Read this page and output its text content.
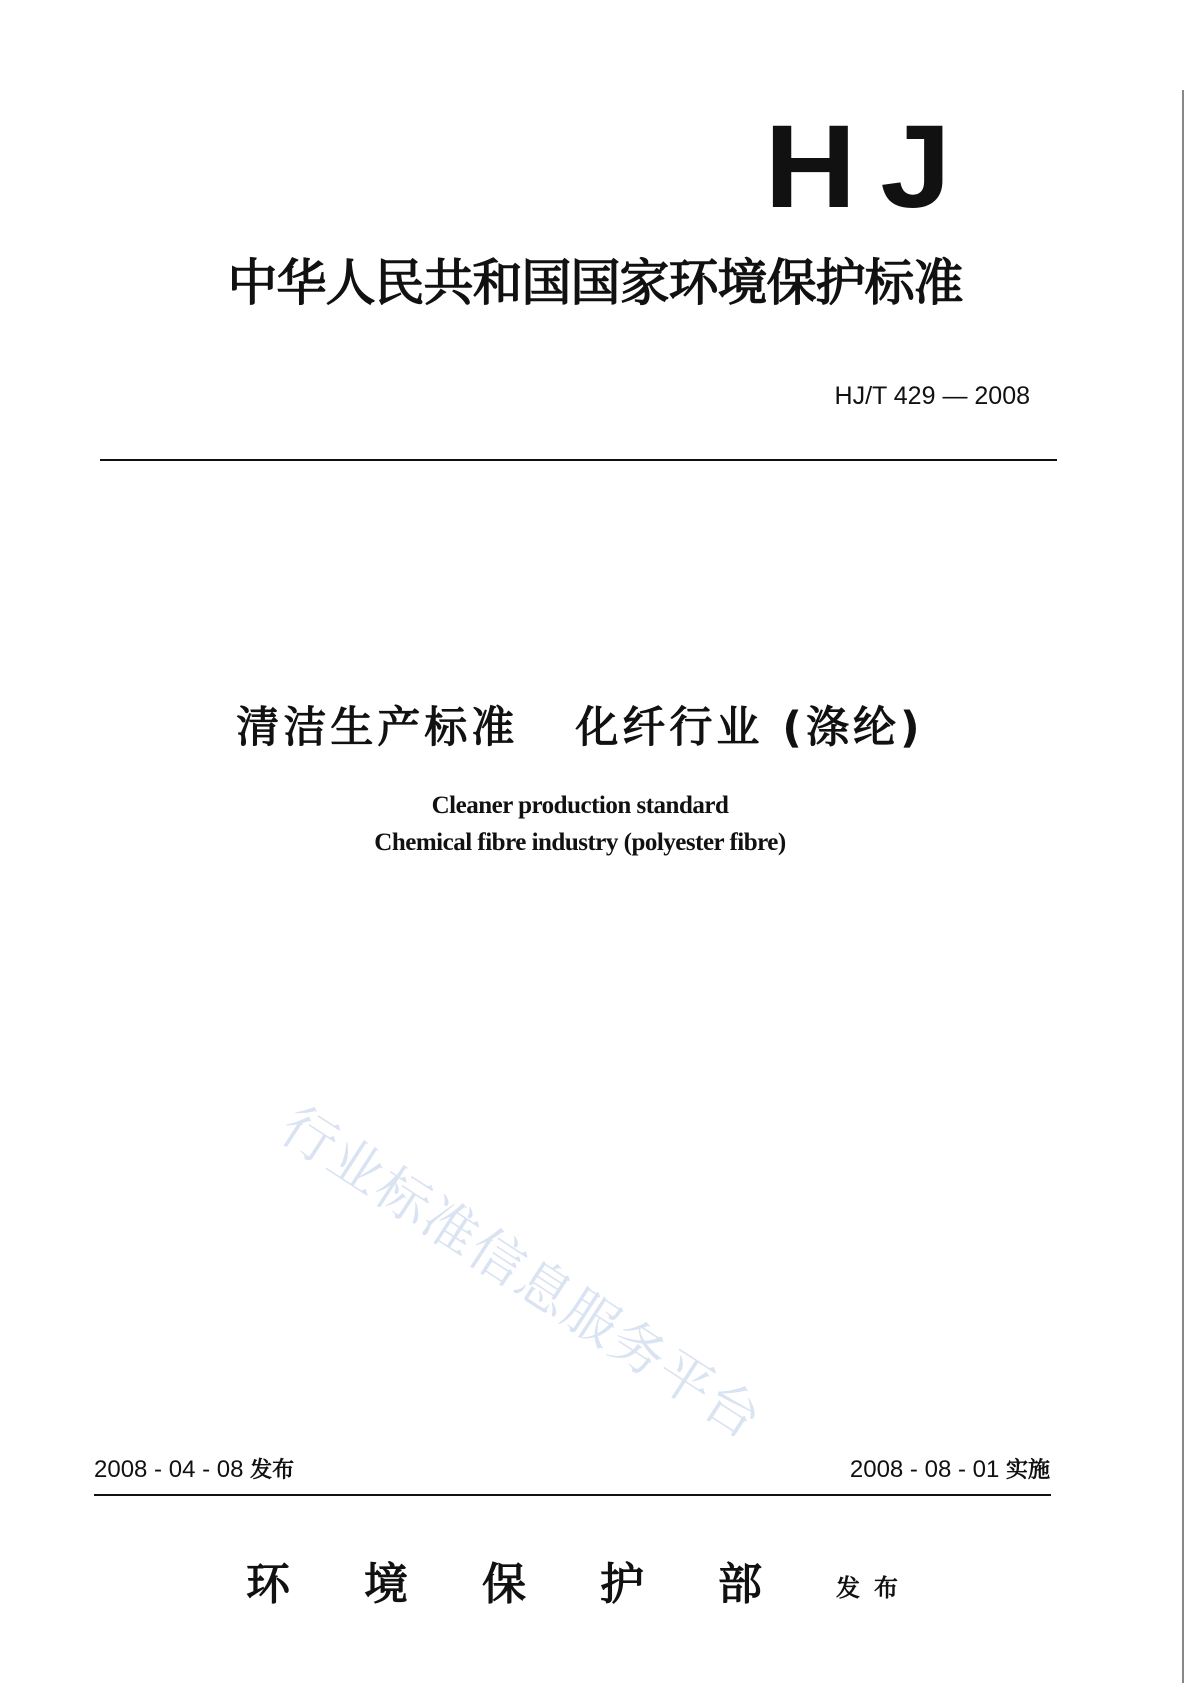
HJ
中华人民共和国国家环境保护标准
HJ/T 429 — 2008
清洁生产标准   化纤行业 (涤纶)
Cleaner production standard
Chemical fibre industry (polyester fibre)
行业标准信息服务平台
2008 - 04 - 08 发布	2008 - 08 - 01 实施
环境保护部 发布
